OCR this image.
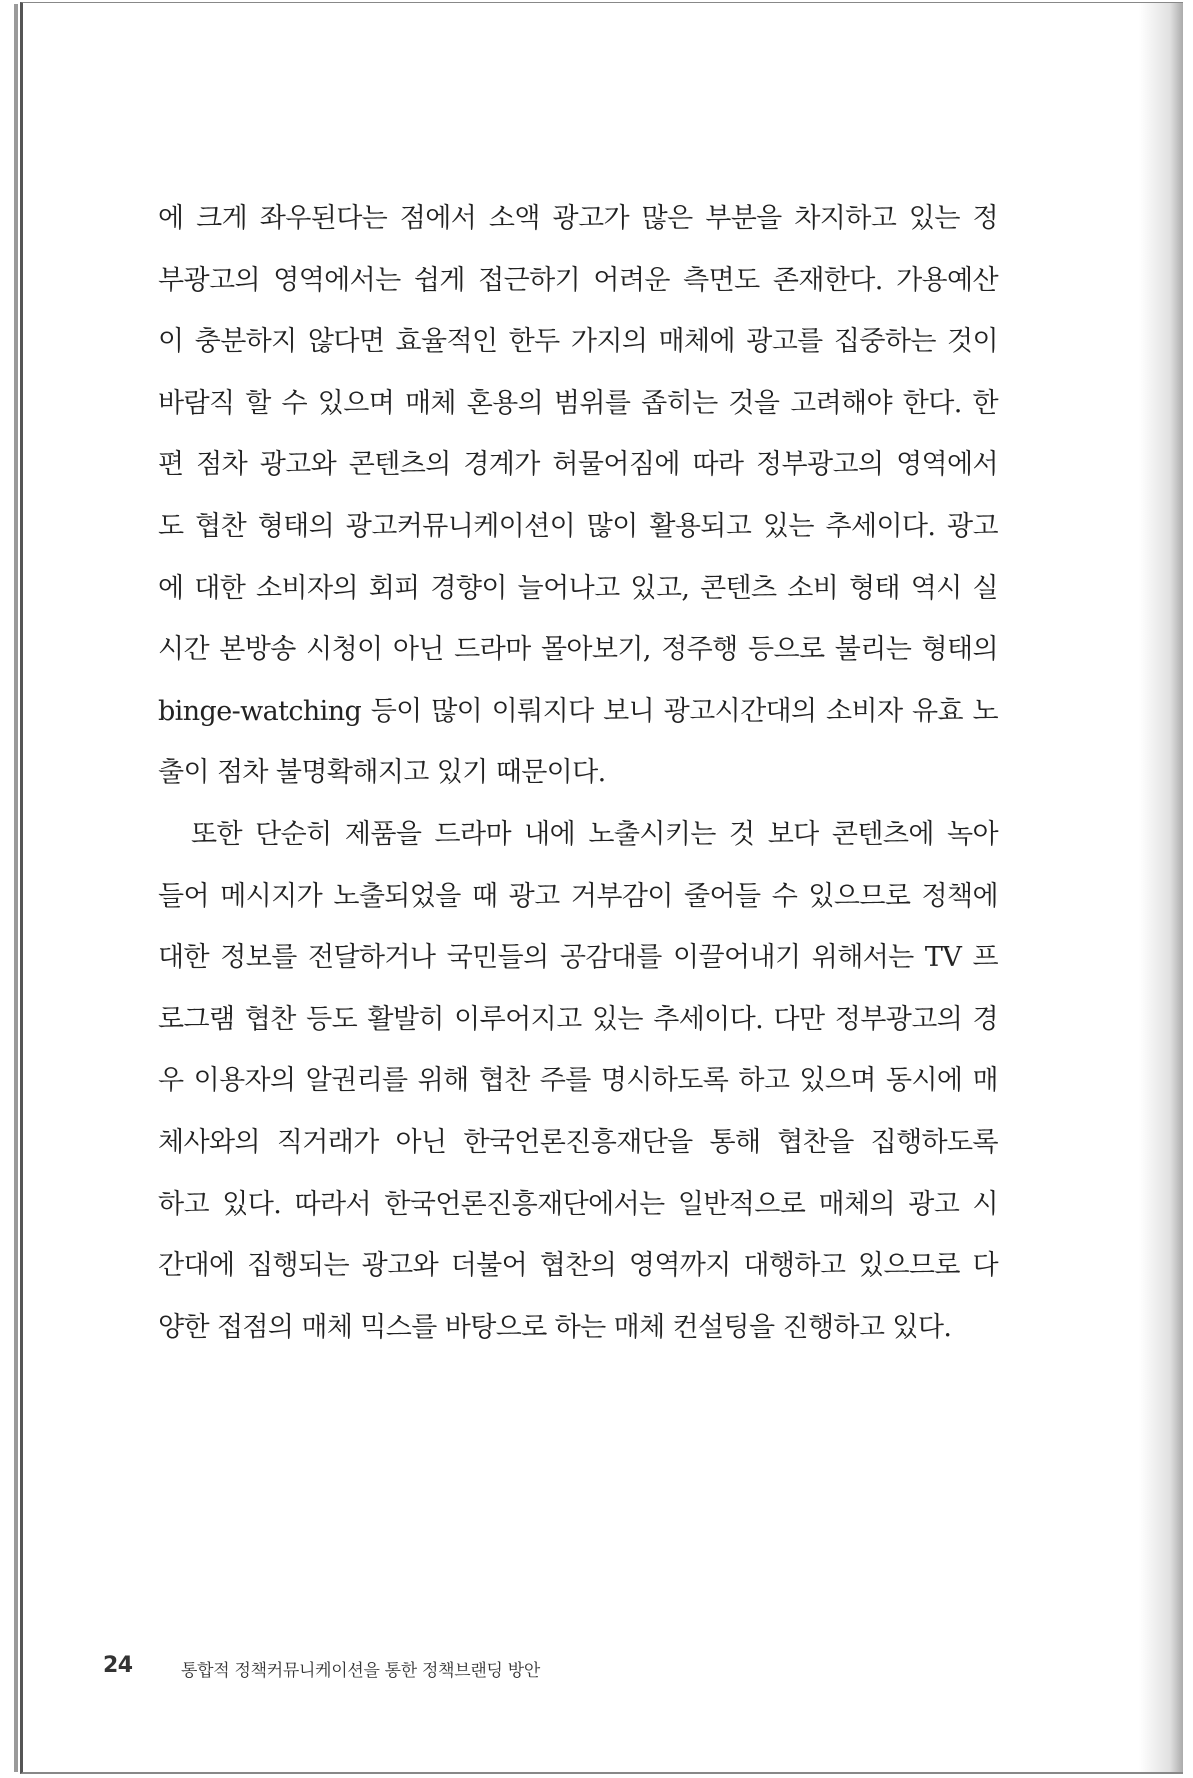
에 크게 좌우된다는 점에서 소액 광고가 많은 부분을 차지하고 있는 정
부광고의 영역에서는 쉽게 접근하기 어려운 측면도 존재한다. 가용예산
이 충분하지 않다면 효율적인 한두 가지의 매체에 광고를 집중하는 것이
바람직 할 수 있으며 매체 혼용의 범위를 좁히는 것을 고려해야 한다. 한
편 점차 광고와 콘텐츠의 경계가 허물어짐에 따라 정부광고의 영역에서
도 협찬 형태의 광고커뮤니케이션이 많이 활용되고 있는 추세이다. 광고
에 대한 소비자의 회피 경향이 늘어나고 있고, 콘텐츠 소비 형태 역시 실
시간 본방송 시청이 아닌 드라마 몰아보기, 정주행 등으로 불리는 형태의
binge-watching 등이 많이 이뤄지다 보니 광고시간대의 소비자 유효 노
출이 점차 불명확해지고 있기 때문이다.
또한 단순히 제품을 드라마 내에 노출시키는 것 보다 콘텐츠에 녹아
들어 메시지가 노출되었을 때 광고 거부감이 줄어들 수 있으므로 정책에
대한 정보를 전달하거나 국민들의 공감대를 이끌어내기 위해서는 TV 프
로그램 협찬 등도 활발히 이루어지고 있는 추세이다. 다만 정부광고의 경
우 이용자의 알권리를 위해 협찬 주를 명시하도록 하고 있으며 동시에 매
체사와의 직거래가 아닌 한국언론진흥재단을 통해 협찬을 집행하도록
하고 있다. 따라서 한국언론진흥재단에서는 일반적으로 매체의 광고 시
간대에 집행되는 광고와 더불어 협찬의 영역까지 대행하고 있으므로 다
양한 접점의 매체 믹스를 바탕으로 하는 매체 컨설팅을 진행하고 있다.
24	통합적 정책커뮤니케이션을 통한 정책브랜딩 방안
